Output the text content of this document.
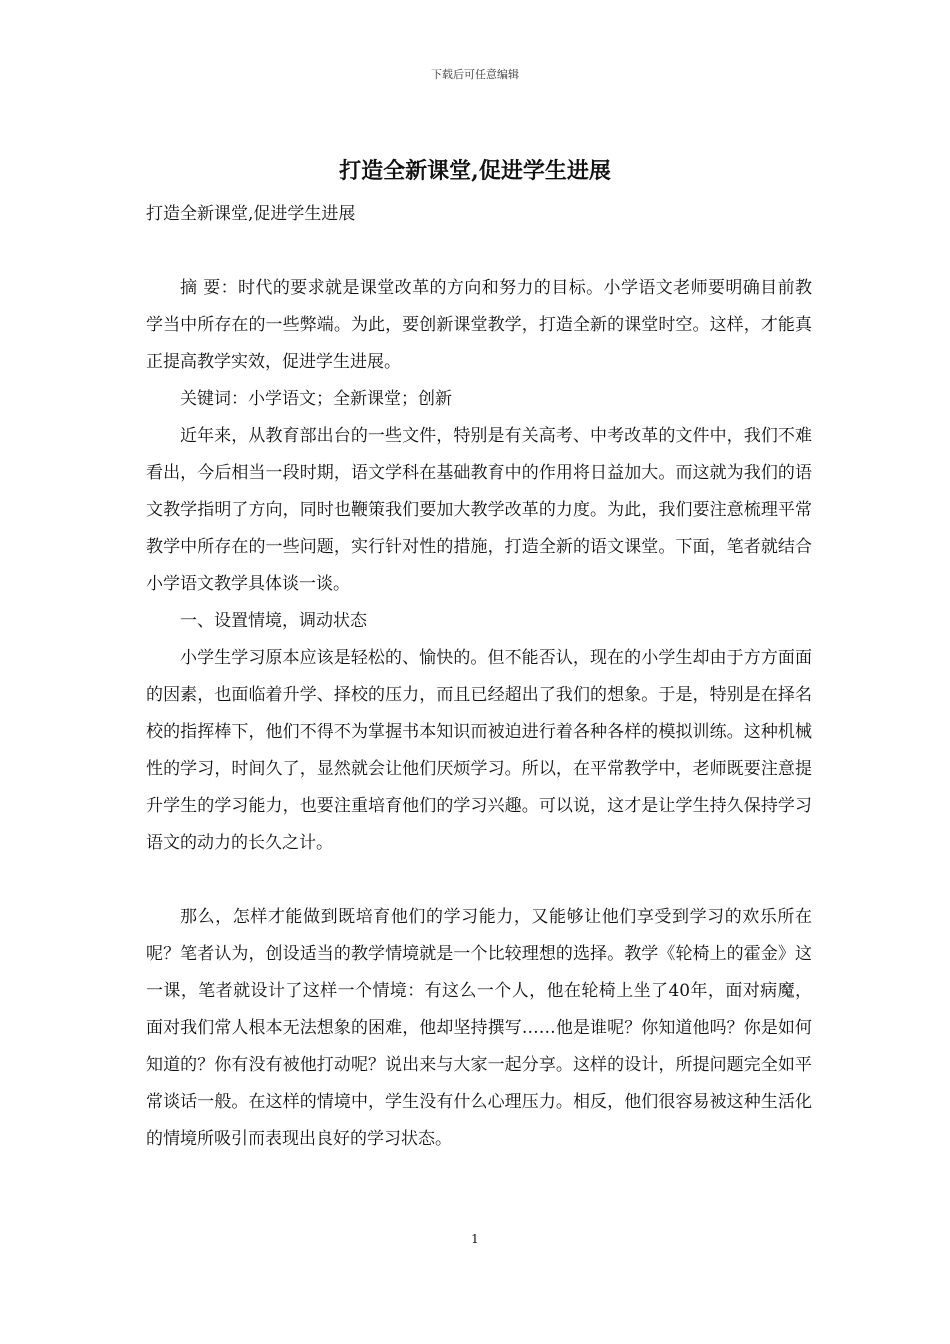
下载后可任意编辑
打造全新课堂,促进学生进展

打造全新课堂,促进学生进展

摘 要：时代的要求就是课堂改革的方向和努力的目标。小学语文老师要明确目前教学当中所存在的一些弊端。为此，要创新课堂教学，打造全新的课堂时空。这样，才能真正提高教学实效，促进学生进展。

关键词：小学语文；全新课堂；创新

近年来，从教育部出台的一些文件，特别是有关高考、中考改革的文件中，我们不难看出，今后相当一段时期，语文学科在基础教育中的作用将日益加大。而这就为我们的语文教学指明了方向，同时也鞭策我们要加大教学改革的力度。为此，我们要注意梳理平常教学中所存在的一些问题，实行针对性的措施，打造全新的语文课堂。下面，笔者就结合小学语文教学具体谈一谈。

一、设置情境，调动状态

小学生学习原本应该是轻松的、愉快的。但不能否认，现在的小学生却由于方方面面的因素，也面临着升学、择校的压力，而且已经超出了我们的想象。于是，特别是在择名校的指挥棒下，他们不得不为掌握书本知识而被迫进行着各种各样的模拟训练。这种机械性的学习，时间久了，显然就会让他们厌烦学习。所以，在平常教学中，老师既要注意提升学生的学习能力，也要注重培育他们的学习兴趣。可以说，这才是让学生持久保持学习语文的动力的长久之计。

那么，怎样才能做到既培育他们的学习能力，又能够让他们享受到学习的欢乐所在呢？笔者认为，创设适当的教学情境就是一个比较理想的选择。教学《轮椅上的霍金》这一课，笔者就设计了这样一个情境：有这么一个人，他在轮椅上坐了40年，面对病魔，面对我们常人根本无法想象的困难，他却坚持撰写……他是谁呢？你知道他吗？你是如何知道的？你有没有被他打动呢？说出来与大家一起分享。这样的设计，所提问题完全如平常谈话一般。在这样的情境中，学生没有什么心理压力。相反，他们很容易被这种生活化的情境所吸引而表现出良好的学习状态。

1
